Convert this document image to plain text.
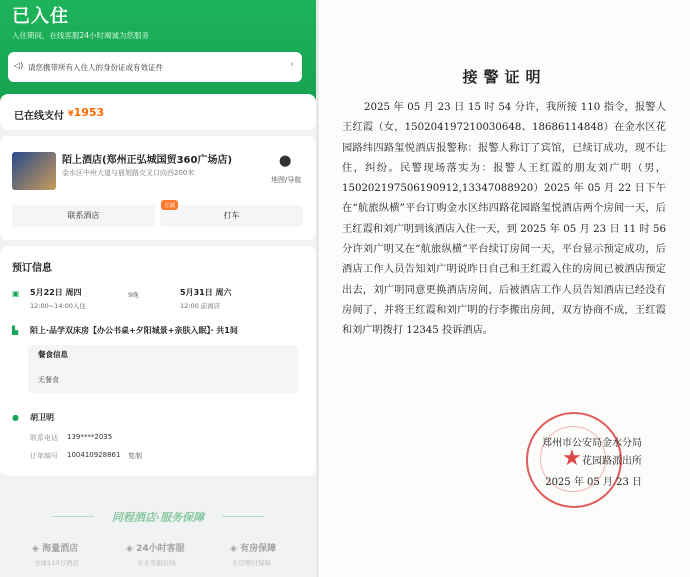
已入住
入住期间，在线客服24小时竭诚为您服务
◁) 请您携带所有入住人的身份证或有效证件	›
已在线支付 ¥1953
陌上酒店(郑州正弘城国贸360广场店)
金水区中州大道与晨旭路交叉口向西200米
⬤
地图/导航
联系酒店	打车
立减
预订信息
▣ 5月22日 周四
12:00~14:00入住
9晚	5月31日 周六
12:00 前离店
▙ 陌上·品学双床房【办公书桌+夕阳城景+亲肤入眠】· 共1间
餐食信息
无餐食
● 胡卫明
联系电话 139****2035
订单编号 100410928861 复制
同程酒店·服务保障
◈ 海量酒店
全球110万酒店
◈ 24小时客服
专业客服在线
◈ 有房保障
无房赔付保障
接警证明

2025 年 05 月 23 日 15 时 54 分许，我所接 110 指令，报警人王红霞（女，150204197210030648、18686114848）在金水区花园路纬四路玺悦酒店报警称：报警人称订了宾馆，已续订成功，现不让住，纠纷。民警现场落实为：报警人王红霞的朋友刘广明（男，150202197506190912,13347088920）2025 年 05 月 22 日下午在“航旅纵横”平台订购金水区纬四路花园路玺悦酒店两个房间一天，后王红霞和刘广明到该酒店入住一天，到 2025 年 05 月 23 日 11 时 56 分许刘广明又在“航旅纵横”平台续订房间一天，平台显示预定成功，后酒店工作人员告知刘广明说昨日自己和王红霞入住的房间已被酒店预定出去，刘广明同意更换酒店房间，后被酒店工作人员告知酒店已经没有房间了，并将王红霞和刘广明的行李搬出房间，双方协商不成，王红霞和刘广明拨打 12345 投诉酒店。

★
郑州市公安局金水分局
花园路派出所
2025 年 05 月 23 日
